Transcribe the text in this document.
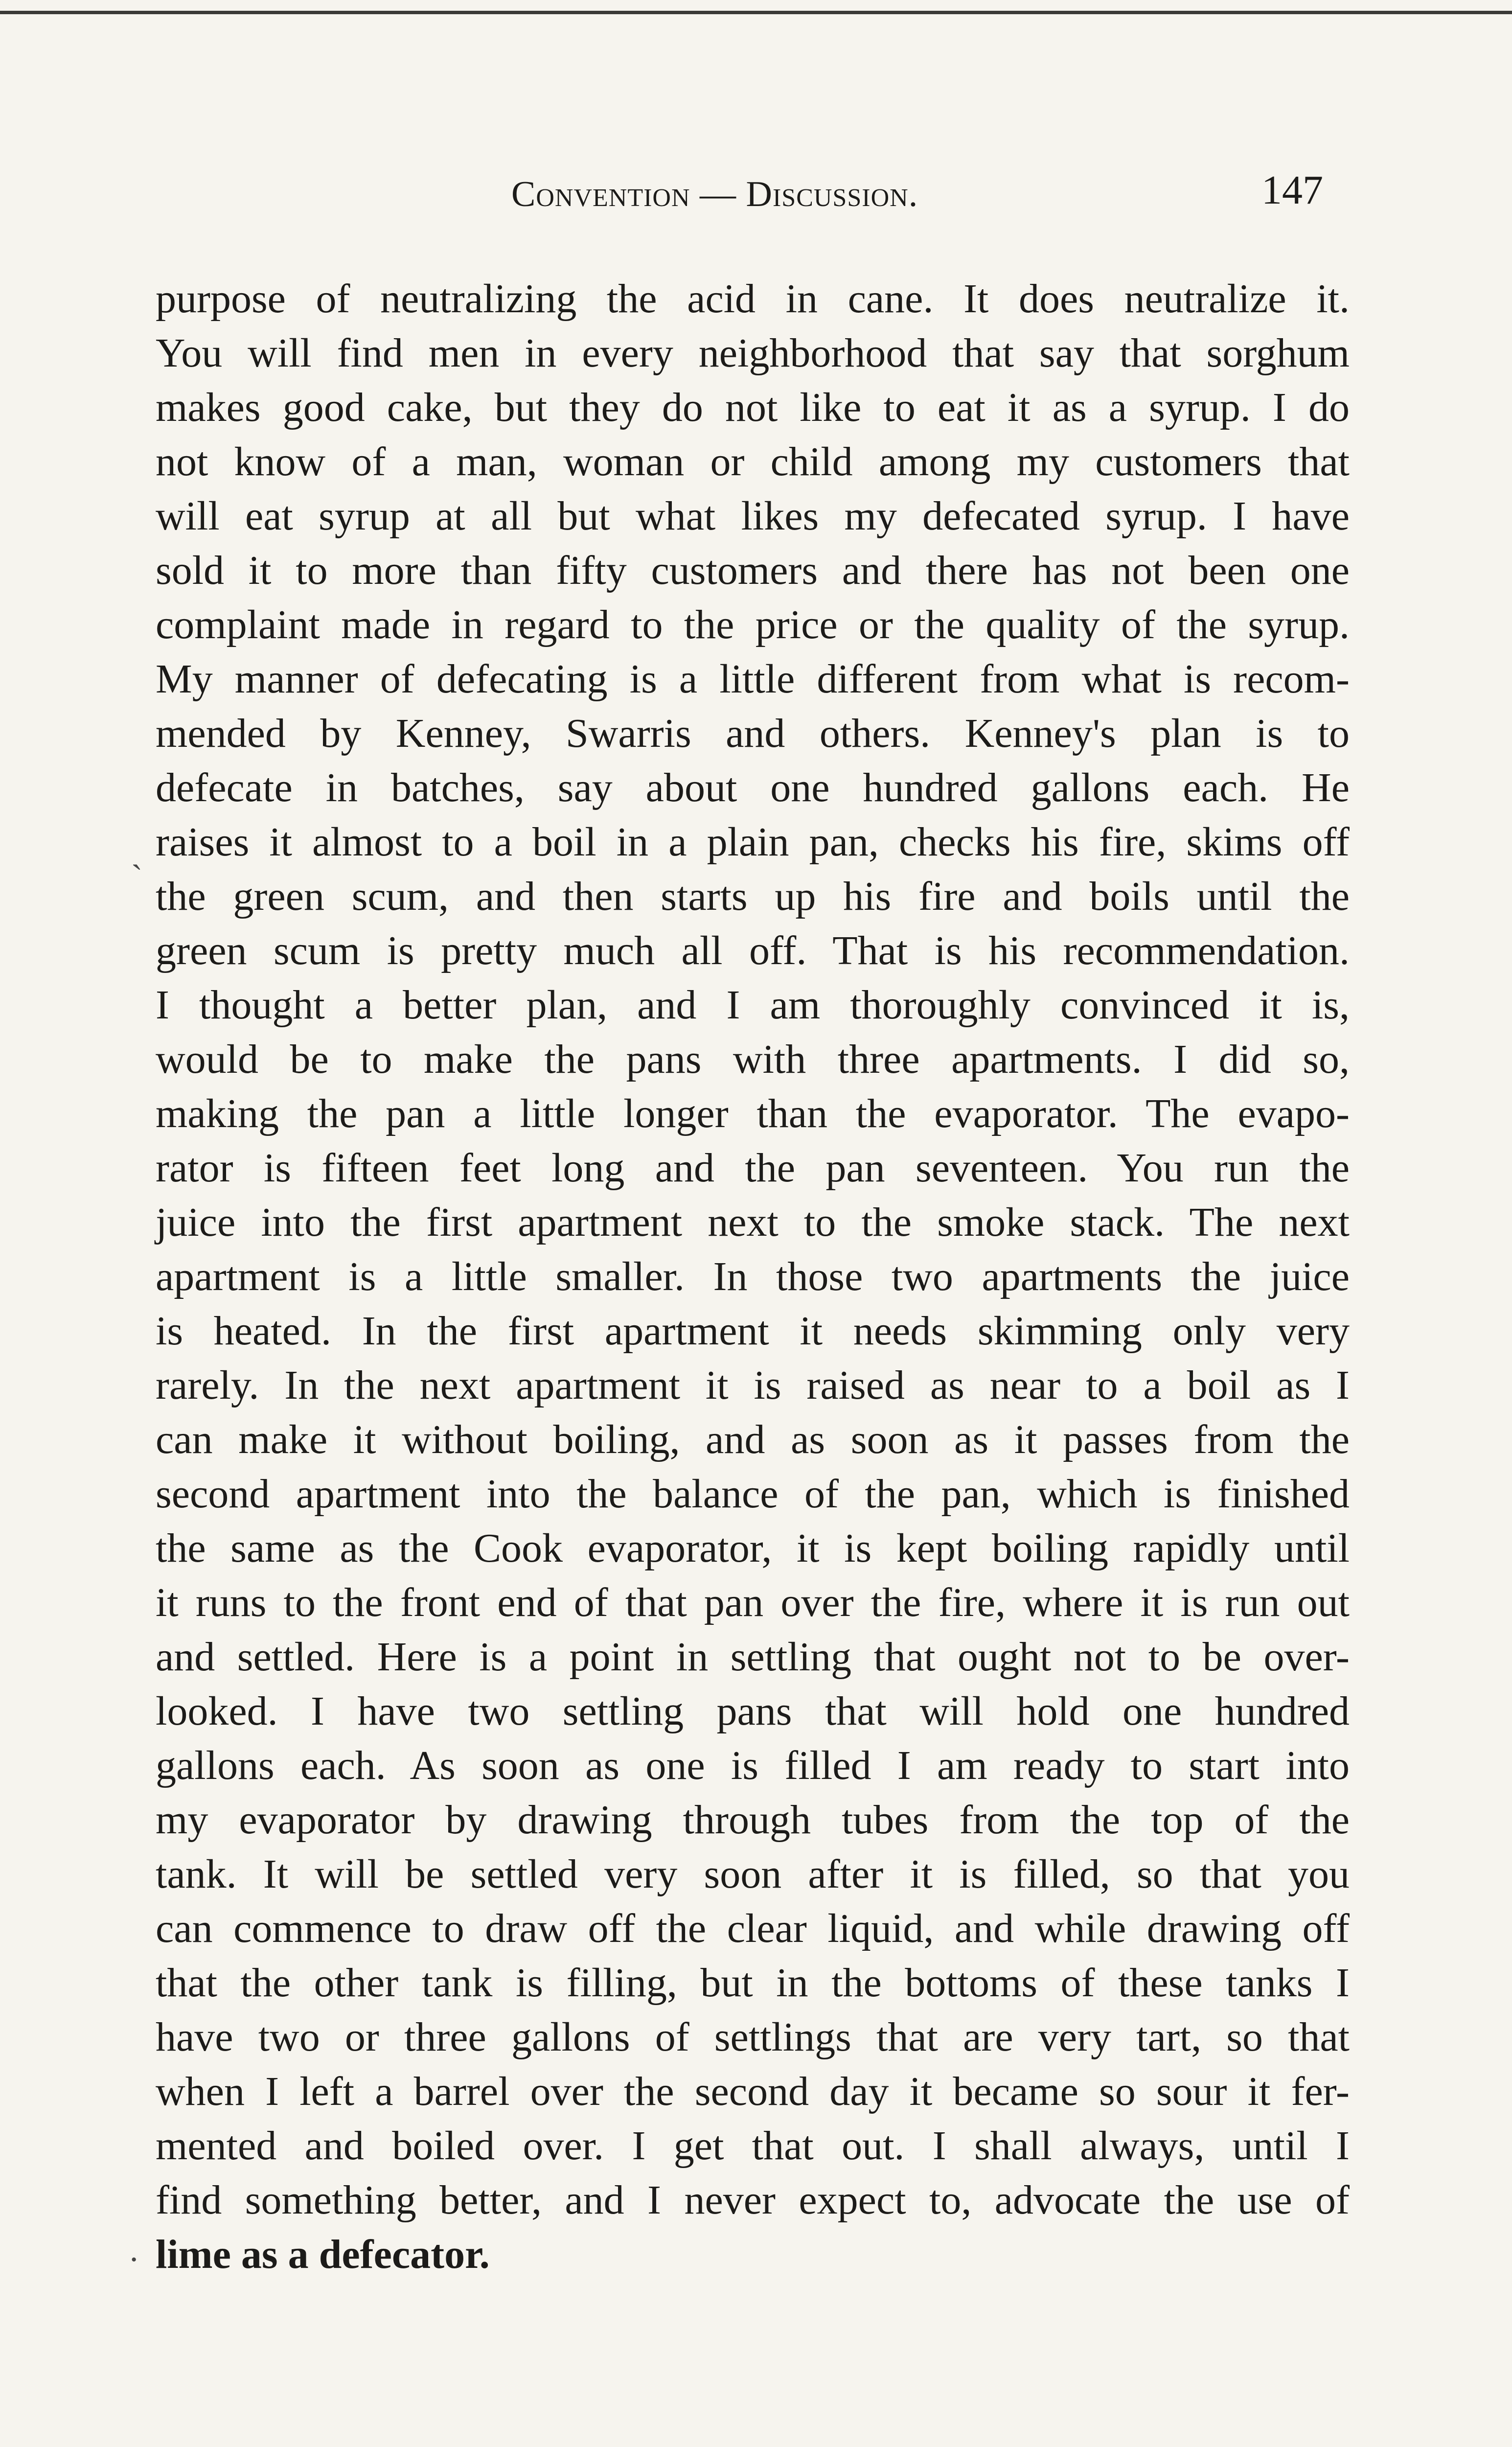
Convention — Discussion.	147
purpose of neutralizing the acid in cane. It does neutralize it.
You will find men in every neighborhood that say that sorghum
makes good cake, but they do not like to eat it as a syrup. I do
not know of a man, woman or child among my customers that
will eat syrup at all but what likes my defecated syrup. I have
sold it to more than fifty customers and there has not been one
complaint made in regard to the price or the quality of the syrup.
My manner of defecating is a little different from what is recom-
mended by Kenney, Swarris and others. Kenney's plan is to
defecate in batches, say about one hundred gallons each. He
raises it almost to a boil in a plain pan, checks his fire, skims off
the green scum, and then starts up his fire and boils until the
green scum is pretty much all off. That is his recommendation.
I thought a better plan, and I am thoroughly convinced it is,
would be to make the pans with three apartments. I did so,
making the pan a little longer than the evaporator. The evapo-
rator is fifteen feet long and the pan seventeen. You run the
juice into the first apartment next to the smoke stack. The next
apartment is a little smaller. In those two apartments the juice
is heated. In the first apartment it needs skimming only very
rarely. In the next apartment it is raised as near to a boil as I
can make it without boiling, and as soon as it passes from the
second apartment into the balance of the pan, which is finished
the same as the Cook evaporator, it is kept boiling rapidly until
it runs to the front end of that pan over the fire, where it is run out
and settled. Here is a point in settling that ought not to be over-
looked. I have two settling pans that will hold one hundred
gallons each. As soon as one is filled I am ready to start into
my evaporator by drawing through tubes from the top of the
tank. It will be settled very soon after it is filled, so that you
can commence to draw off the clear liquid, and while drawing off
that the other tank is filling, but in the bottoms of these tanks I
have two or three gallons of settlings that are very tart, so that
when I left a barrel over the second day it became so sour it fer-
mented and boiled over. I get that out. I shall always, until I
find something better, and I never expect to, advocate the use of
lime as a defecator.
ˏ
·
